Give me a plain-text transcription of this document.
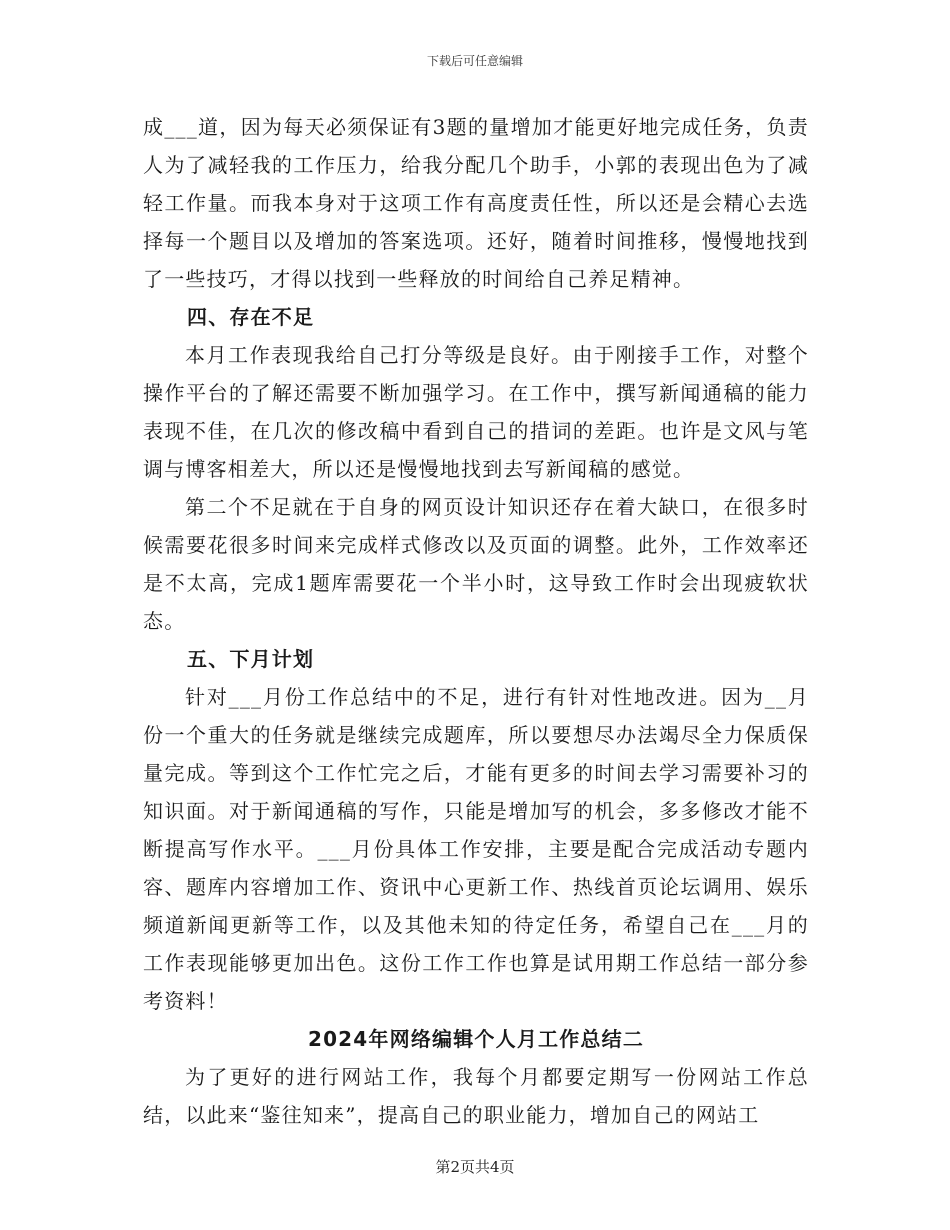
下载后可任意编辑

成___道，因为每天必须保证有3题的量增加才能更好地完成任务，负责人为了减轻我的工作压力，给我分配几个助手，小郭的表现出色为了减轻工作量。而我本身对于这项工作有高度责任性，所以还是会精心去选择每一个题目以及增加的答案选项。还好，随着时间推移，慢慢地找到了一些技巧，才得以找到一些释放的时间给自己养足精神。

四、存在不足

本月工作表现我给自己打分等级是良好。由于刚接手工作，对整个操作平台的了解还需要不断加强学习。在工作中，撰写新闻通稿的能力表现不佳，在几次的修改稿中看到自己的措词的差距。也许是文风与笔调与博客相差大，所以还是慢慢地找到去写新闻稿的感觉。

第二个不足就在于自身的网页设计知识还存在着大缺口，在很多时候需要花很多时间来完成样式修改以及页面的调整。此外，工作效率还是不太高，完成1题库需要花一个半小时，这导致工作时会出现疲软状态。

五、下月计划

针对___月份工作总结中的不足，进行有针对性地改进。因为__月份一个重大的任务就是继续完成题库，所以要想尽办法竭尽全力保质保量完成。等到这个工作忙完之后，才能有更多的时间去学习需要补习的知识面。对于新闻通稿的写作，只能是增加写的机会，多多修改才能不断提高写作水平。___月份具体工作安排，主要是配合完成活动专题内容、题库内容增加工作、资讯中心更新工作、热线首页论坛调用、娱乐频道新闻更新等工作，以及其他未知的待定任务，希望自己在___月的工作表现能够更加出色。这份工作工作也算是试用期工作总结一部分参考资料！

2024年网络编辑个人月工作总结二

为了更好的进行网站工作，我每个月都要定期写一份网站工作总结，以此来“鉴往知来”，提高自己的职业能力，增加自己的网站工

第2页共4页
